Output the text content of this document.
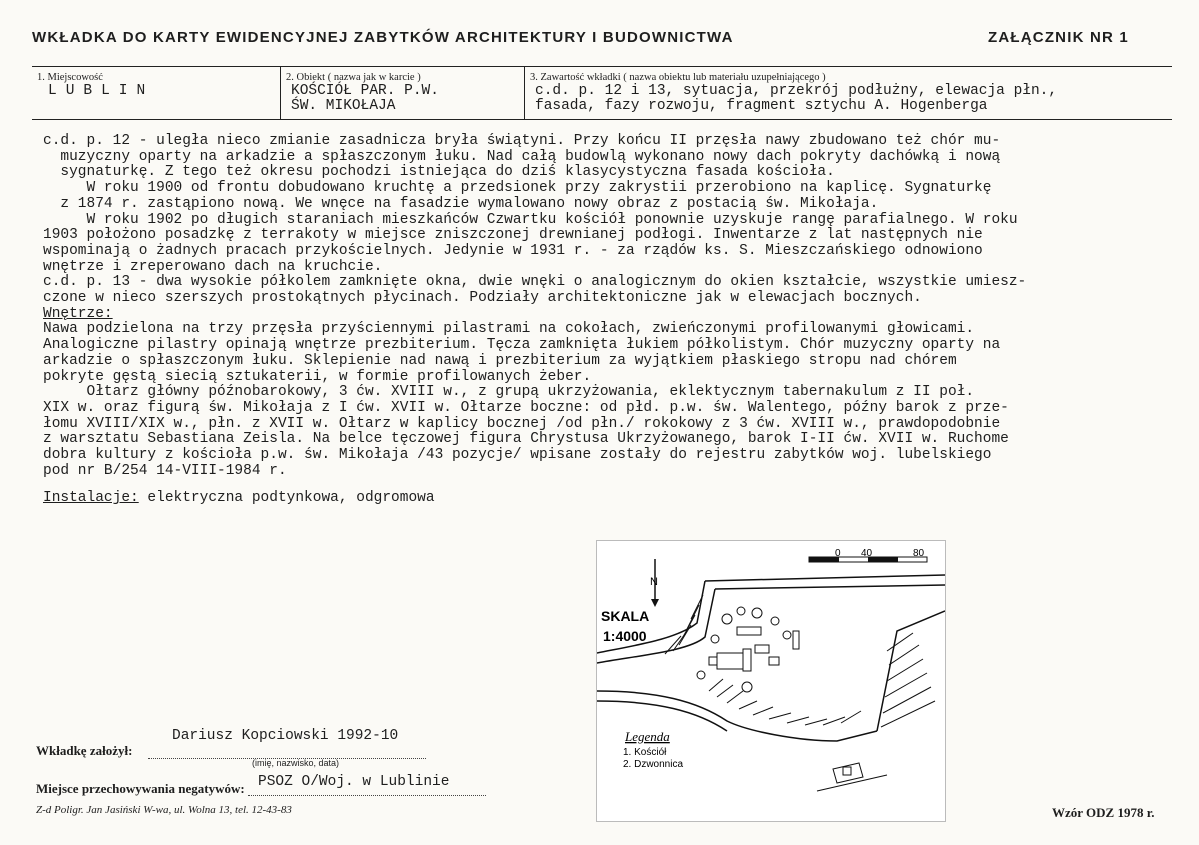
WKŁADKA DO KARTY EWIDENCYJNEJ ZABYTKÓW ARCHITEKTURY I BUDOWNICTWA	ZAŁĄCZNIK NR 1
1. Miejscowość
LUBLIN
2. Obiekt ( nazwa jak w karcie )
KOŚCIÓŁ PAR. P.W.
ŚW. MIKOŁAJA
3. Zawartość wkładki ( nazwa obiektu lub materiału uzupełniającego )
c.d. p. 12 i 13, sytuacja, przekrój podłużny, elewacja płn.,
fasada, fazy rozwoju, fragment sztychu A. Hogenberga

c.d. p. 12 - uległa nieco zmianie zasadnicza bryła świątyni. Przy końcu II przęsła nawy zbudowano też chór mu-
muzyczny oparty na arkadzie a spłaszczonym łuku. Nad całą budowlą wykonano nowy dach pokryty dachówką i nową
sygnaturkę. Z tego też okresu pochodzi istniejąca do dziś klasycystyczna fasada kościoła.
W roku 1900 od frontu dobudowano kruchtę a przedsionek przy zakrystii przerobiono na kaplicę. Sygnaturkę
z 1874 r. zastąpiono nową. We wnęce na fasadzie wymalowano nowy obraz z postacią św. Mikołaja.
W roku 1902 po długich staraniach mieszkańców Czwartku kościół ponownie uzyskuje rangę parafialnego. W roku
1903 położono posadzkę z terrakoty w miejsce zniszczonej drewnianej podłogi. Inwentarze z lat następnych nie
wspominają o żadnych pracach przykościelnych. Jedynie w 1931 r. - za rządów ks. S. Mieszczańskiego odnowiono
wnętrze i zreperowano dach na kruchcie.

c.d. p. 13 - dwa wysokie półkolem zamknięte okna, dwie wnęki o analogicznym do okien kształcie, wszystkie umiesz-
czone w nieco szerszych prostokątnych płycinach. Podziały architektoniczne jak w elewacjach bocznych.

Wnętrze:

Nawa podzielona na trzy przęsła przyściennymi pilastrami na cokołach, zwieńczonymi profilowanymi głowicami.
Analogiczne pilastry opinają wnętrze prezbiterium. Tęcza zamknięta łukiem półkolistym. Chór muzyczny oparty na
arkadzie o spłaszczonym łuku. Sklepienie nad nawą i prezbiterium za wyjątkiem płaskiego stropu nad chórem
pokryte gęstą siecią sztukaterii, w formie profilowanych żeber.
Ołtarz główny późnobarokowy, 3 ćw. XVIII w., z grupą ukrzyżowania, eklektycznym tabernakulum z II poł.
XIX w. oraz figurą św. Mikołaja z I ćw. XVII w. Ołtarze boczne: od płd. p.w. św. Walentego, późny barok z prze-
łomu XVIII/XIX w., płn. z XVII w. Ołtarz w kaplicy bocznej /od płn./ rokokowy z 3 ćw. XVIII w., prawdopodobnie
z warsztatu Sebastiana Zeisla. Na belce tęczowej figura Chrystusa Ukrzyżowanego, barok I-II ćw. XVII w. Ruchome
dobra kultury z kościoła p.w. św. Mikołaja /43 pozycje/ wpisane zostały do rejestru zabytków woj. lubelskiego
pod nr B/254 14-VIII-1984 r.

Instalacje: elektryczna podtynkowa, odgromowa

0 40	80
N
SKALA
1:4000
Legenda
1. Kościół
2. Dzwonnica
Dariusz Kopciowski 1992-10
Wkładkę założył:
(imię, nazwisko, data)
PSOZ O/Woj. w Lublinie
Miejsce przechowywania negatywów:
Z-d Poligr. Jan Jasiński W-wa, ul. Wolna 13, tel. 12-43-83	Wzór ODZ 1978 r.
